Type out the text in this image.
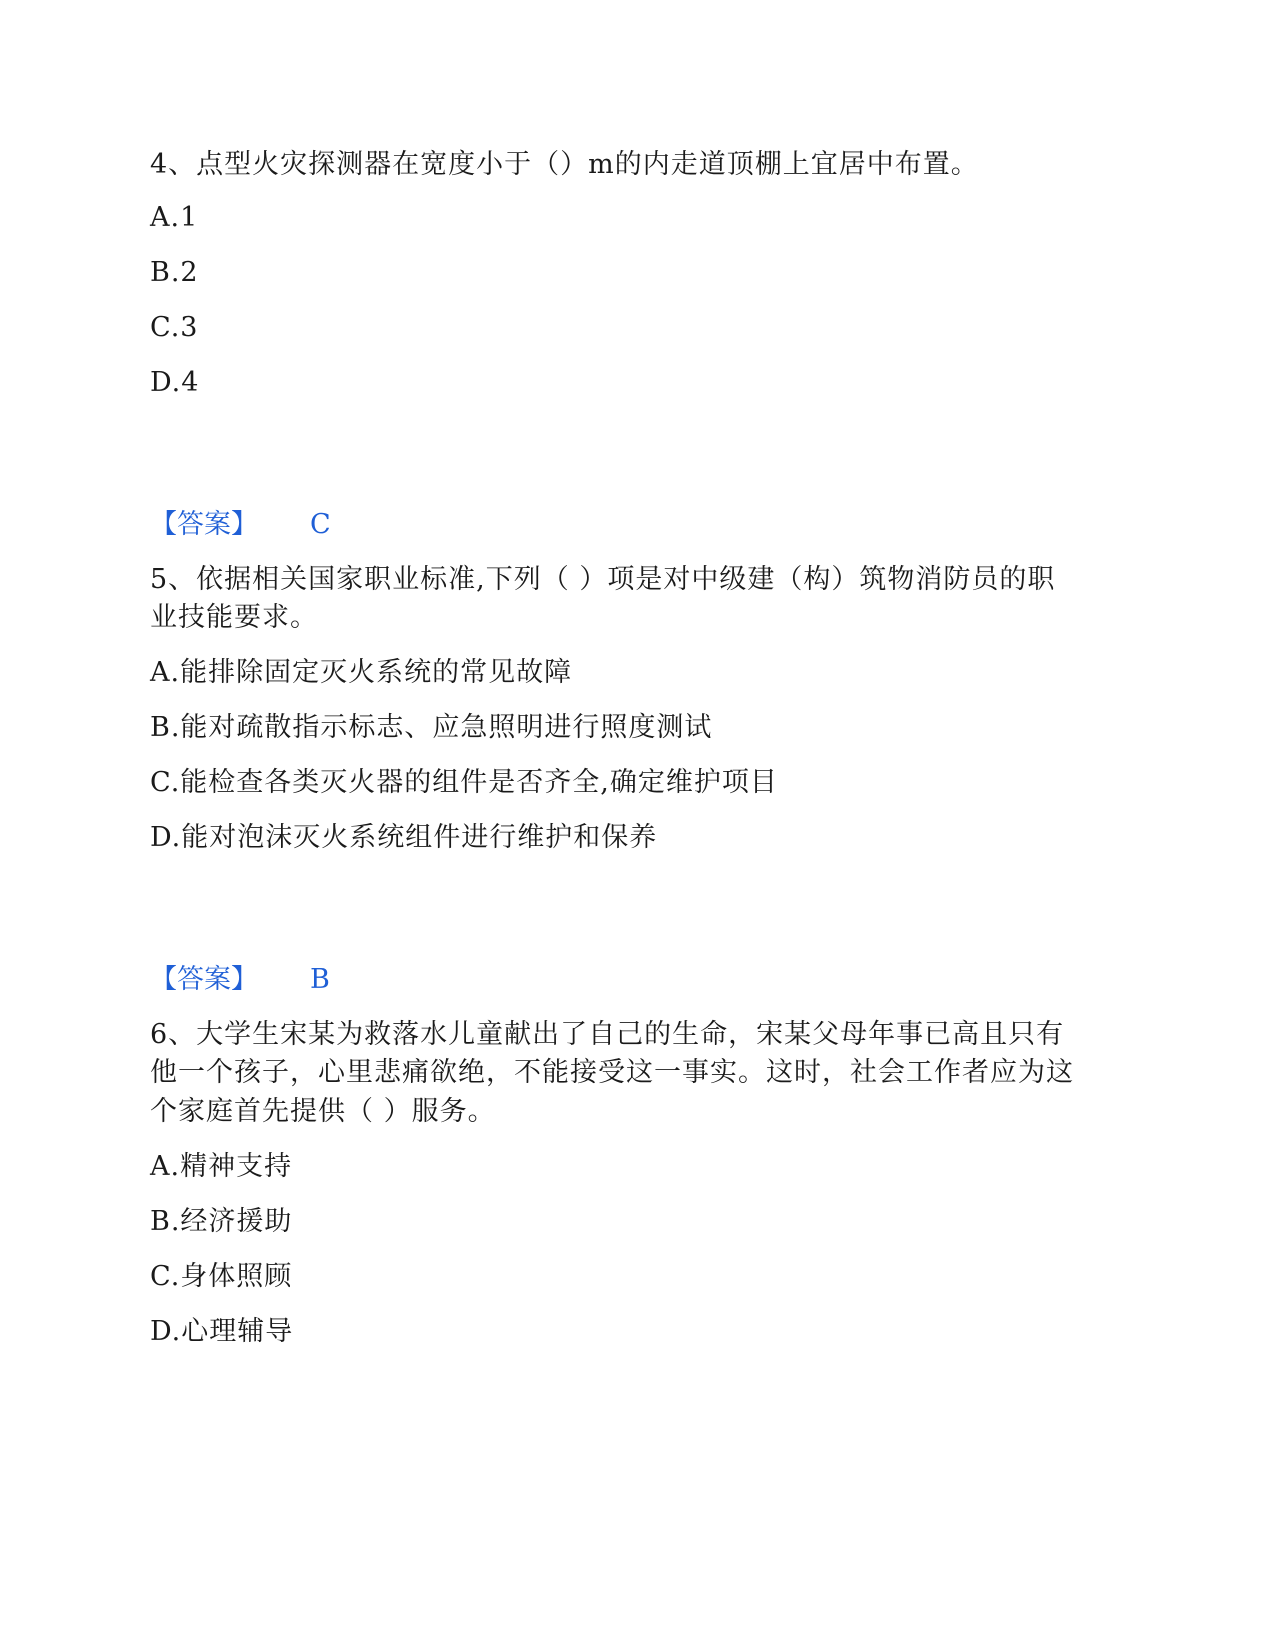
4、点型火灾探测器在宽度小于（）m的内走道顶棚上宜居中布置。
A.1
B.2
C.3
D.4
【答案】 C
5、依据相关国家职业标准,下列（ ）项是对中级建（构）筑物消防员的职
业技能要求。
A.能排除固定灭火系统的常见故障
B.能对疏散指示标志、应急照明进行照度测试
C.能检查各类灭火器的组件是否齐全,确定维护项目
D.能对泡沫灭火系统组件进行维护和保养
【答案】 B
6、大学生宋某为救落水儿童献出了自己的生命，宋某父母年事已高且只有
他一个孩子，心里悲痛欲绝，不能接受这一事实。这时，社会工作者应为这
个家庭首先提供（ ）服务。
A.精神支持
B.经济援助
C.身体照顾
D.心理辅导
